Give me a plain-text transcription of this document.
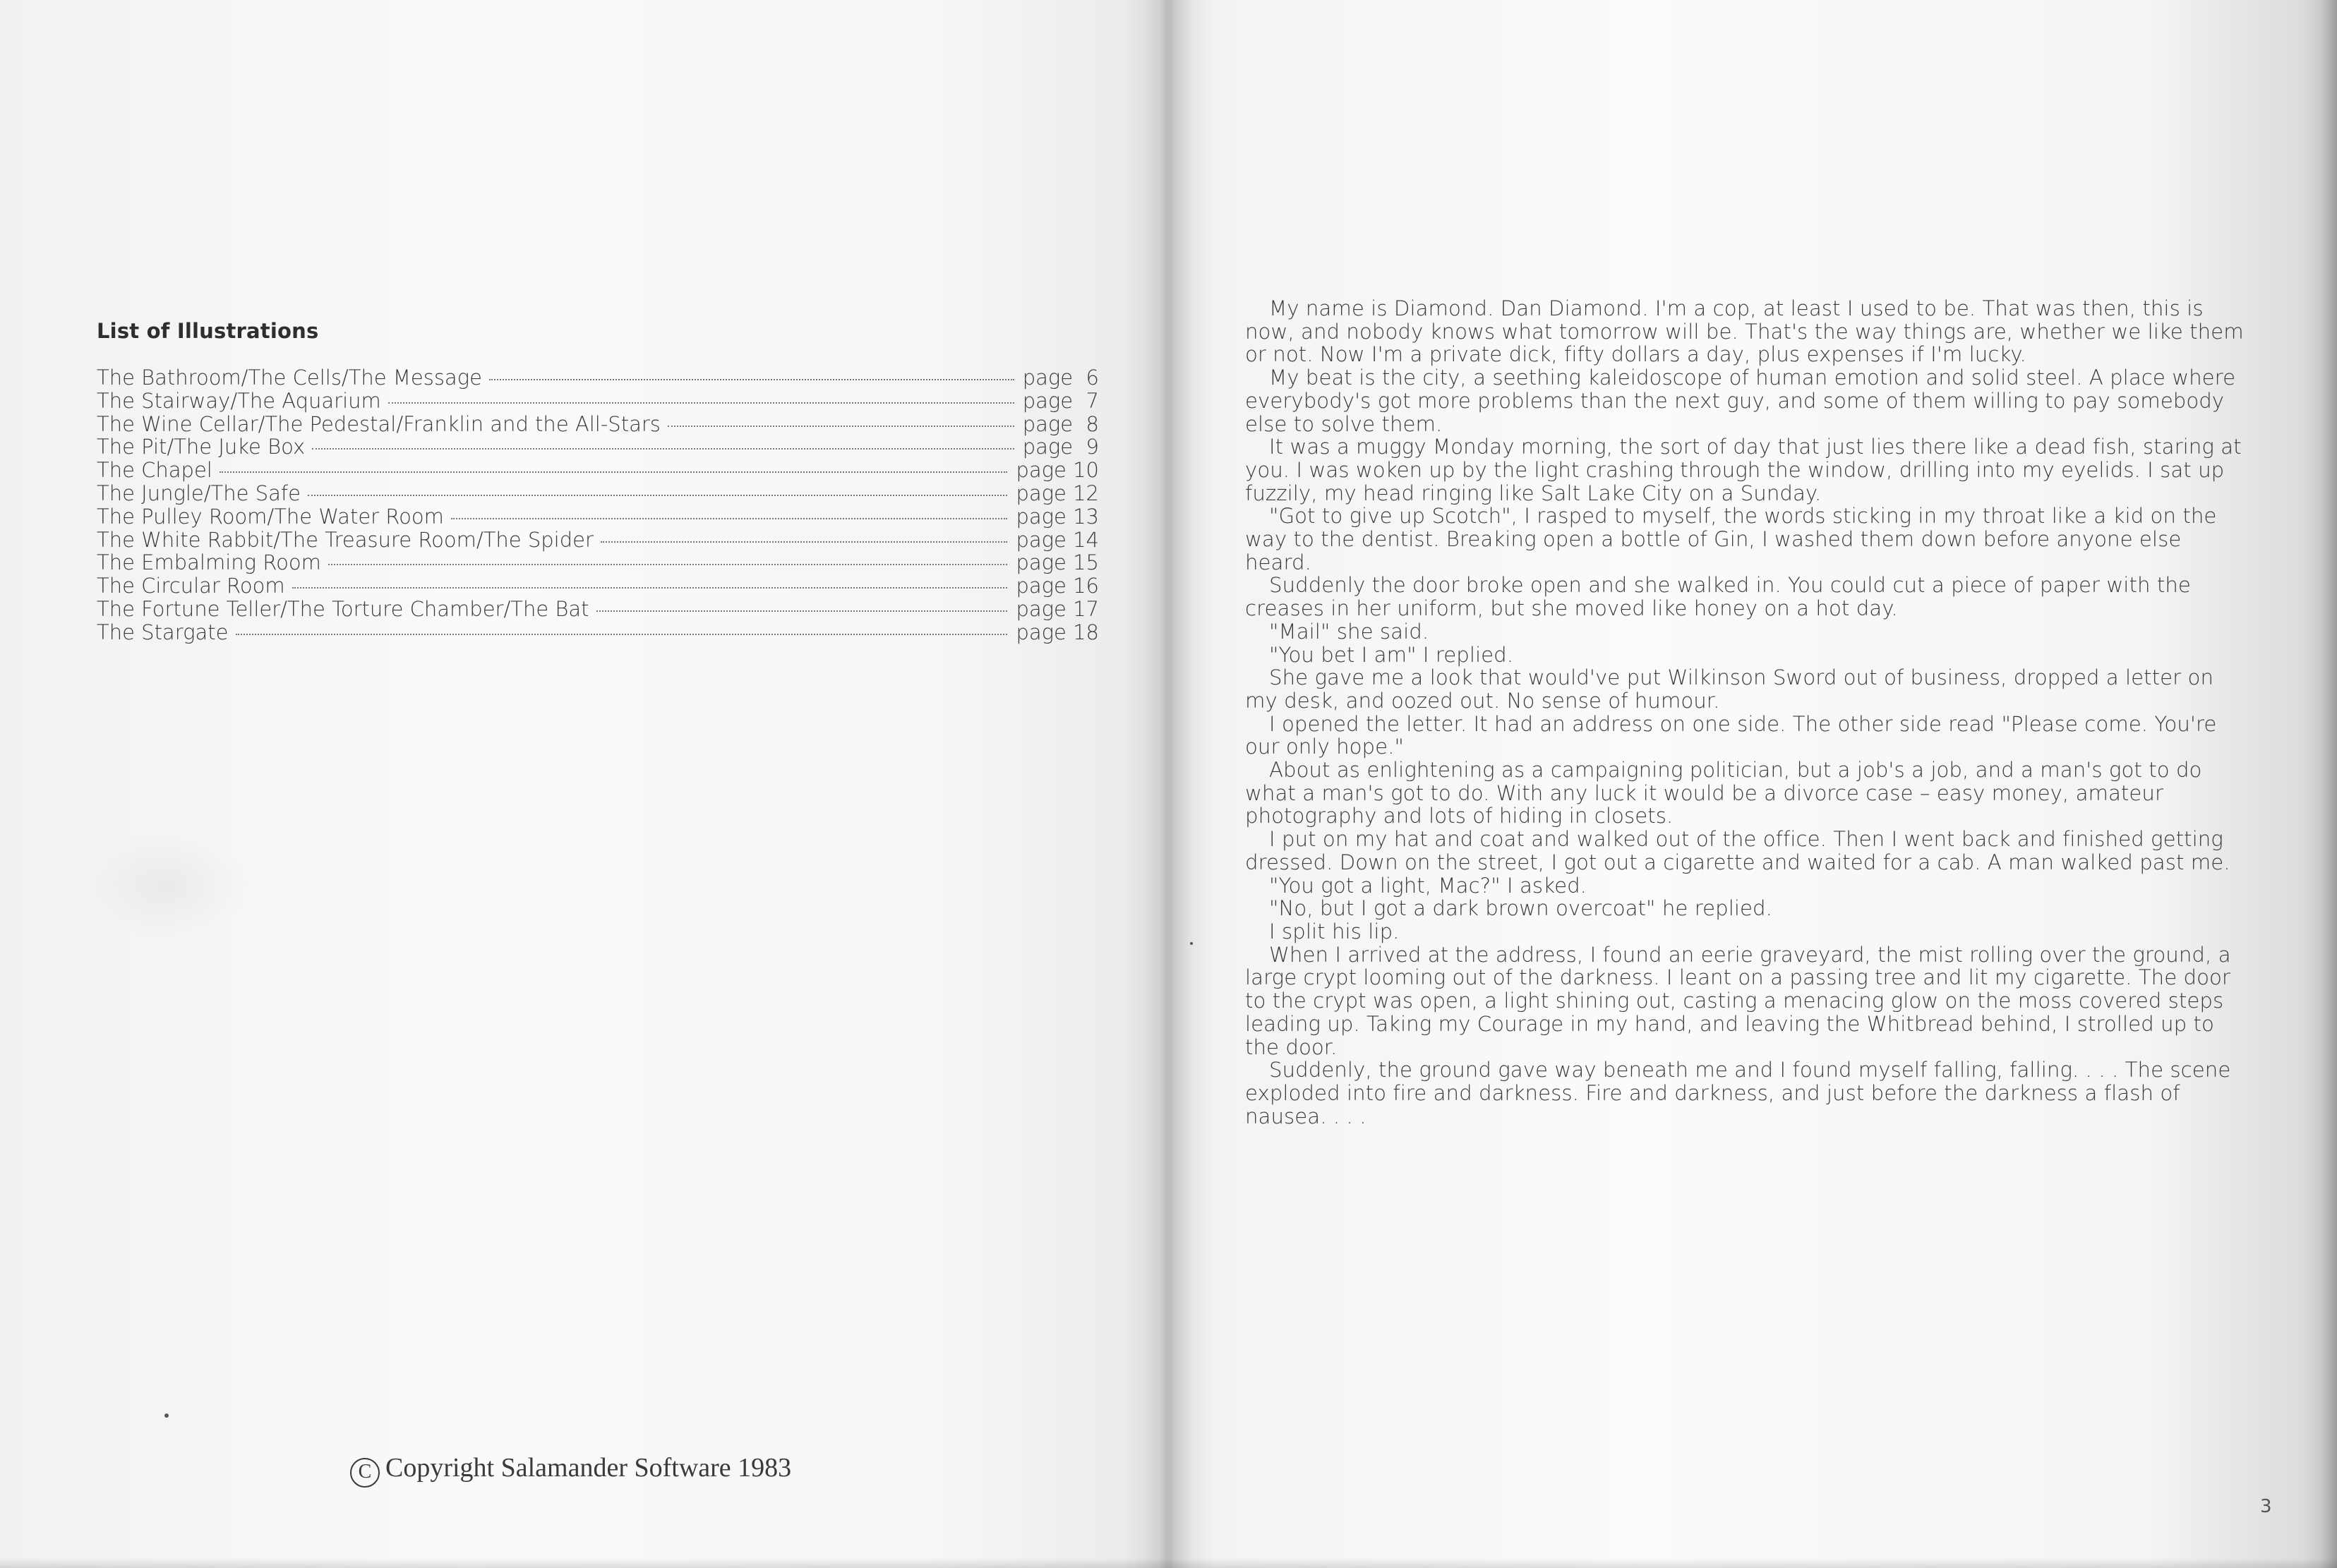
List of Illustrations
The Bathroom/The Cells/The Message	page  6
The Stairway/The Aquarium	page  7
The Wine Cellar/The Pedestal/Franklin and the All-Stars	page  8
The Pit/The Juke Box	page  9
The Chapel	page 10
The Jungle/The Safe	page 12
The Pulley Room/The Water Room	page 13
The White Rabbit/The Treasure Room/The Spider	page 14
The Embalming Room	page 15
The Circular Room	page 16
The Fortune Teller/The Torture Chamber/The Bat	page 17
The Stargate	page 18
C Copyright Salamander Software 1983

My name is Diamond. Dan Diamond. I'm a cop, at least I used to be. That was then, this is now, and nobody knows what tomorrow will be. That's the way things are, whether we like them or not. Now I'm a private dick, fifty dollars a day, plus expenses if I'm lucky.

My beat is the city, a seething kaleidoscope of human emotion and solid steel. A place where everybody's got more problems than the next guy, and some of them willing to pay somebody else to solve them.

It was a muggy Monday morning, the sort of day that just lies there like a dead fish, staring at you. I was woken up by the light crashing through the window, drilling into my eyelids. I sat up fuzzily, my head ringing like Salt Lake City on a Sunday.

"Got to give up Scotch", I rasped to myself, the words sticking in my throat like a kid on the way to the dentist. Breaking open a bottle of Gin, I washed them down before anyone else heard.

Suddenly the door broke open and she walked in. You could cut a piece of paper with the creases in her uniform, but she moved like honey on a hot day.

"Mail" she said.

"You bet I am" I replied.

She gave me a look that would've put Wilkinson Sword out of business, dropped a letter on my desk, and oozed out. No sense of humour.

I opened the letter. It had an address on one side. The other side read "Please come. You're our only hope."

About as enlightening as a campaigning politician, but a job's a job, and a man's got to do what a man's got to do. With any luck it would be a divorce case – easy money, amateur photography and lots of hiding in closets.

I put on my hat and coat and walked out of the office. Then I went back and finished getting dressed. Down on the street, I got out a cigarette and waited for a cab. A man walked past me.

"You got a light, Mac?" I asked.

"No, but I got a dark brown overcoat" he replied.

I split his lip.

When I arrived at the address, I found an eerie graveyard, the mist rolling over the ground, a large crypt looming out of the darkness. I leant on a passing tree and lit my cigarette. The door to the crypt was open, a light shining out, casting a menacing glow on the moss covered steps leading up. Taking my Courage in my hand, and leaving the Whitbread behind, I strolled up to the door.

Suddenly, the ground gave way beneath me and I found myself falling, falling. . . . The scene exploded into fire and darkness. Fire and darkness, and just before the darkness a flash of nausea. . . .

3
